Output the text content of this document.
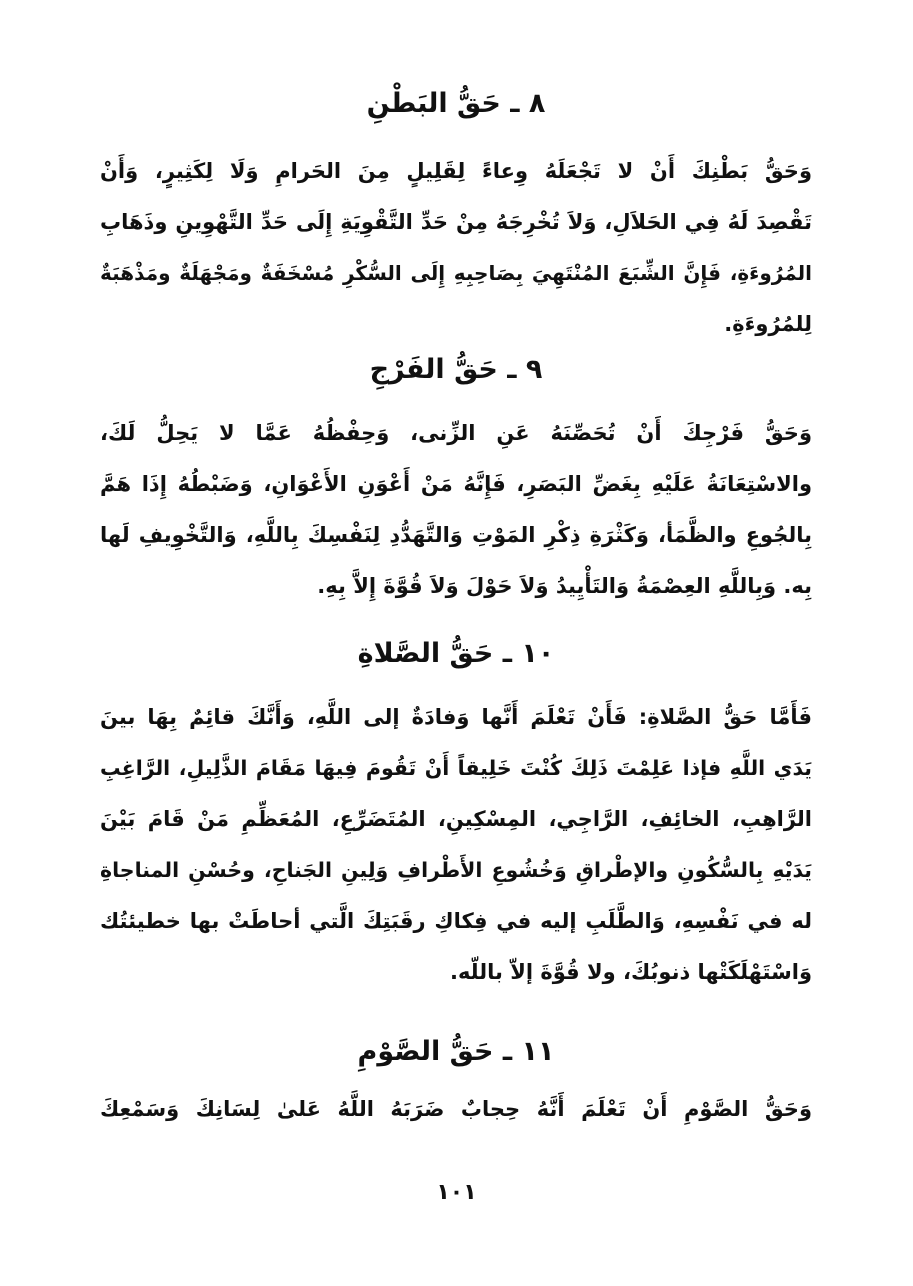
٨ ـ حَقُّ البَطْنِ
وَحَقُّ بَطْنِكَ أَنْ لا تَجْعَلَهُ وِعاءً لِقَلِيلٍ مِنَ الحَرامِ وَلَا لِكَثِيرٍ، وَأَنْ
تَقْصِدَ لَهُ فِي الحَلاَلِ، وَلاَ تُخْرِجَهُ مِنْ حَدِّ التَّقْوِيَةِ إِلَى حَدِّ التَّهْوِينِ وذَهَابِ
المُرُوءَةِ، فَإِنَّ الشِّبَعَ المُنْتَهِيَ بِصَاحِبِهِ إِلَى السُّكْرِ مُسْخَفَةٌ ومَجْهَلَةٌ ومَذْهَبَةٌ
لِلمُرُوءَةِ.
٩ ـ حَقُّ الفَرْجِ
وَحَقُّ فَرْجِكَ أَنْ تُحَصِّنَهُ عَنِ الزِّنى، وَحِفْظُهُ عَمَّا لا يَحِلُّ لَكَ،
والاسْتِعَانَةُ عَلَيْهِ بِغَضِّ البَصَرِ، فَإِنَّهُ مَنْ أَعْوَنِ الأَعْوَانِ، وَضَبْطُهُ إِذَا هَمَّ
بِالجُوعِ والظَّمَأ، وَكَثْرَةِ ذِكْرِ المَوْتِ وَالتَّهَدُّدِ لِنَفْسِكَ بِاللَّهِ، وَالتَّخْوِيفِ لَها
بِه. وَبِاللَّهِ العِصْمَةُ وَالتَأْيِيدُ وَلاَ حَوْلَ وَلاَ قُوَّةَ إِلاَّ بِهِ.
١٠ ـ حَقُّ الصَّلاةِ
فَأَمَّا حَقُّ الصَّلاةِ: فَأَنْ تَعْلَمَ أَنَّها وَفادَةٌ إلى اللَّهِ، وَأَنَّكَ قائِمٌ بِهَا بينَ
يَدَي اللَّهِ فإذا عَلِمْتَ ذَلِكَ كُنْتَ خَلِيقاً أَنْ تَقُومَ فِيهَا مَقَامَ الذَّلِيلِ، الرَّاغِبِ
الرَّاهِبِ، الخائِفِ، الرَّاجِي، المِسْكِينِ، المُتَضَرِّعِ، المُعَظِّمِ مَنْ قَامَ بَيْنَ
يَدَيْهِ بِالسُّكُونِ والإطْراقِ وَخُشُوعِ الأَطْرافِ وَلِينِ الجَناحِ، وحُسْنِ المناجاةِ
له في نَفْسِهِ، وَالطَّلَبِ إليه في فِكاكِ رقَبَتِكَ الَّتي أحاطَتْ بها خطيئتُك
وَاسْتَهْلَكَتْها ذنوبُكَ، ولا قُوَّةَ إلاّ باللّه.
١١ ـ حَقُّ الصَّوْمِ
وَحَقُّ الصَّوْمِ أَنْ تَعْلَمَ أَنَّهُ حِجابٌ ضَرَبَهُ اللَّهُ عَلىٰ لِسَانِكَ وَسَمْعِكَ
١٠١
